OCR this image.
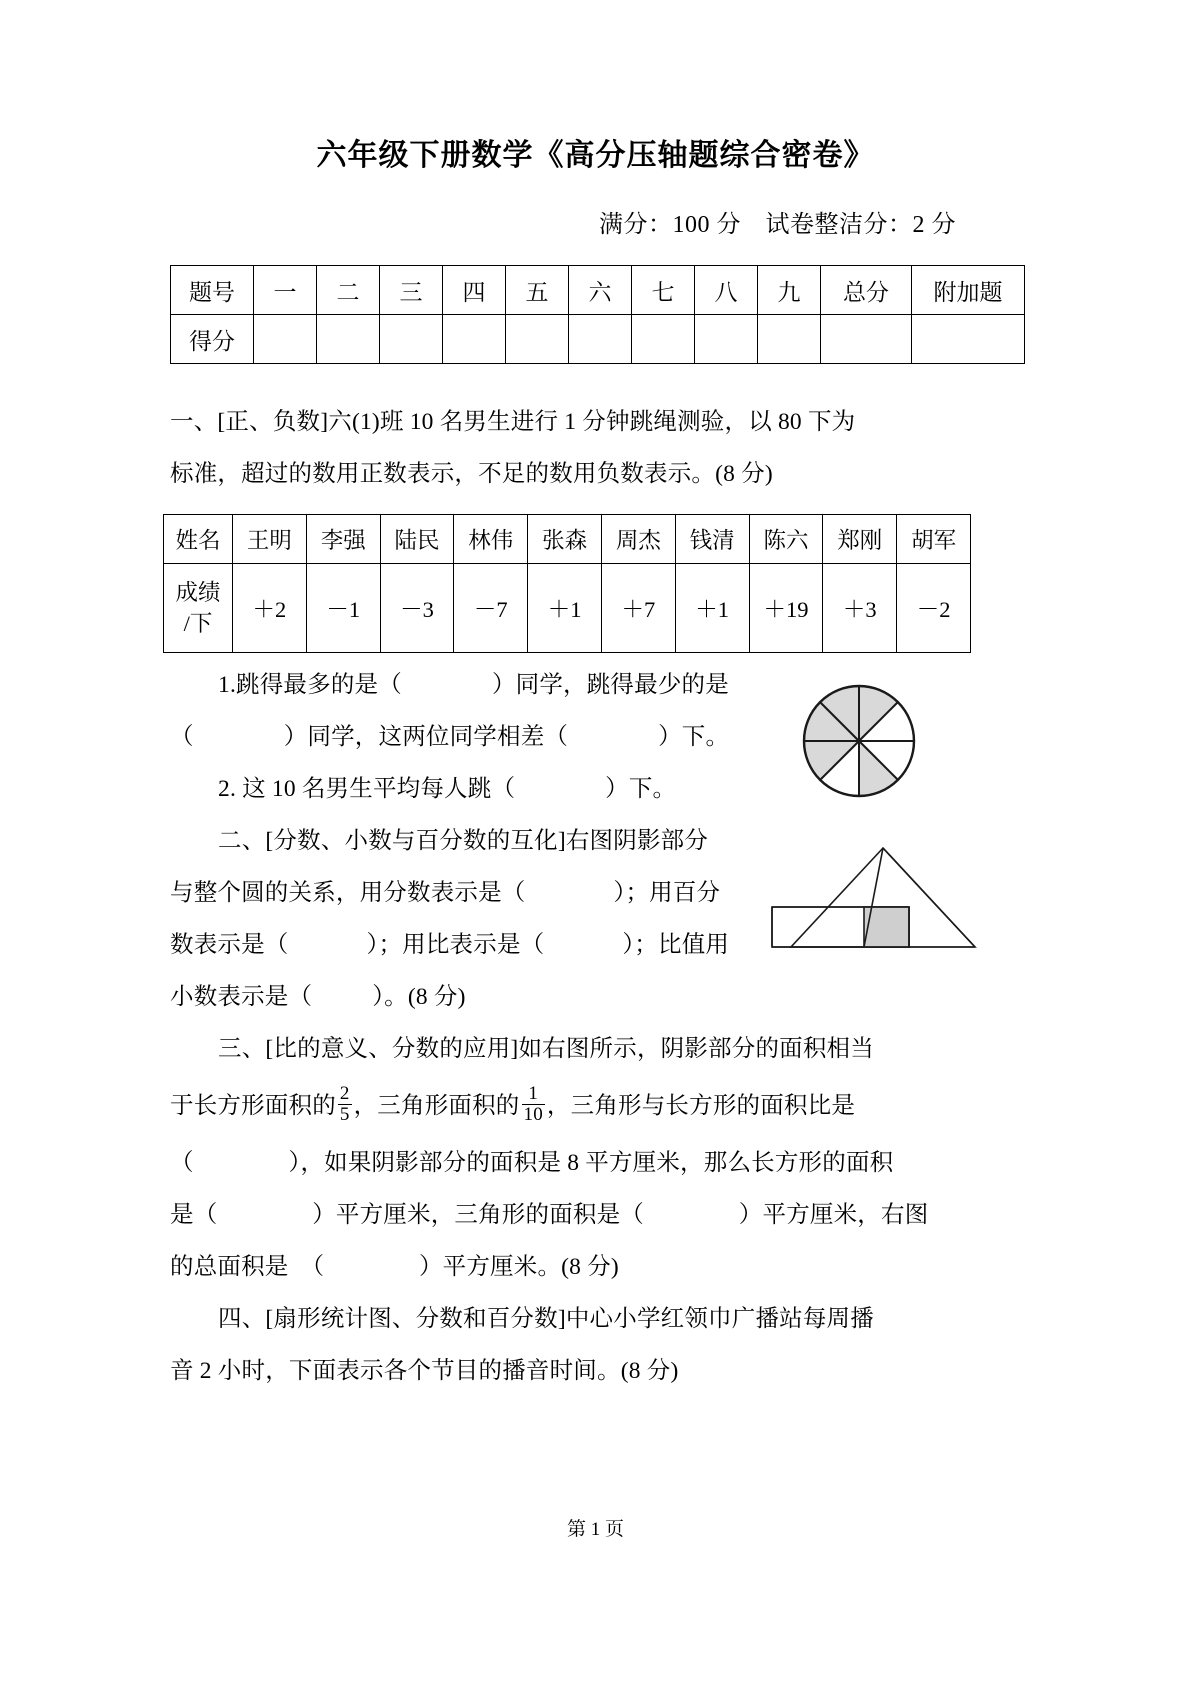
六年级下册数学《高分压轴题综合密卷》
满分：100 分　试卷整洁分：2 分
题号	一	二	三	四	五	六	七	八	九	总分	附加题
得分											
一、[正、负数]六(1)班 10 名男生进行 1 分钟跳绳测验，以 80 下为
标准，超过的数用正数表示，不足的数用负数表示。(8 分)
姓名	王明	李强	陆民	林伟	张森	周杰	钱清	陈六	郑刚	胡军

成绩
/下	＋2	－1	－3	－7	＋1	＋7	＋1	＋19	＋3	－2
1.跳得最多的是（	）同学，跳得最少的是
（	）同学，这两位同学相差（	）下。
2. 这 10 名男生平均每人跳（	）下。
二、[分数、小数与百分数的互化]右图阴影部分
与整个圆的关系，用分数表示是（	）；用百分
数表示是（	）；用比表示是（	）；比值用
小数表示是（	）。(8 分)
三、[比的意义、分数的应用]如右图所示，阴影部分的面积相当
于长方形面积的 $\frac{2}{5}$ ，三角形面积的 $\frac{1}{10}$ ，三角形与长方形的面积比是
（　　　　），如果阴影部分的面积是 8 平方厘米，那么长方形的面积
是（　　　　）平方厘米，三角形的面积是（　　　　）平方厘米，右图
的总面积是　（　　　　）平方厘米。(8 分)
四、[扇形统计图、分数和百分数]中心小学红领巾广播站每周播
音 2 小时，下面表示各个节目的播音时间。(8 分)
第 1 页
